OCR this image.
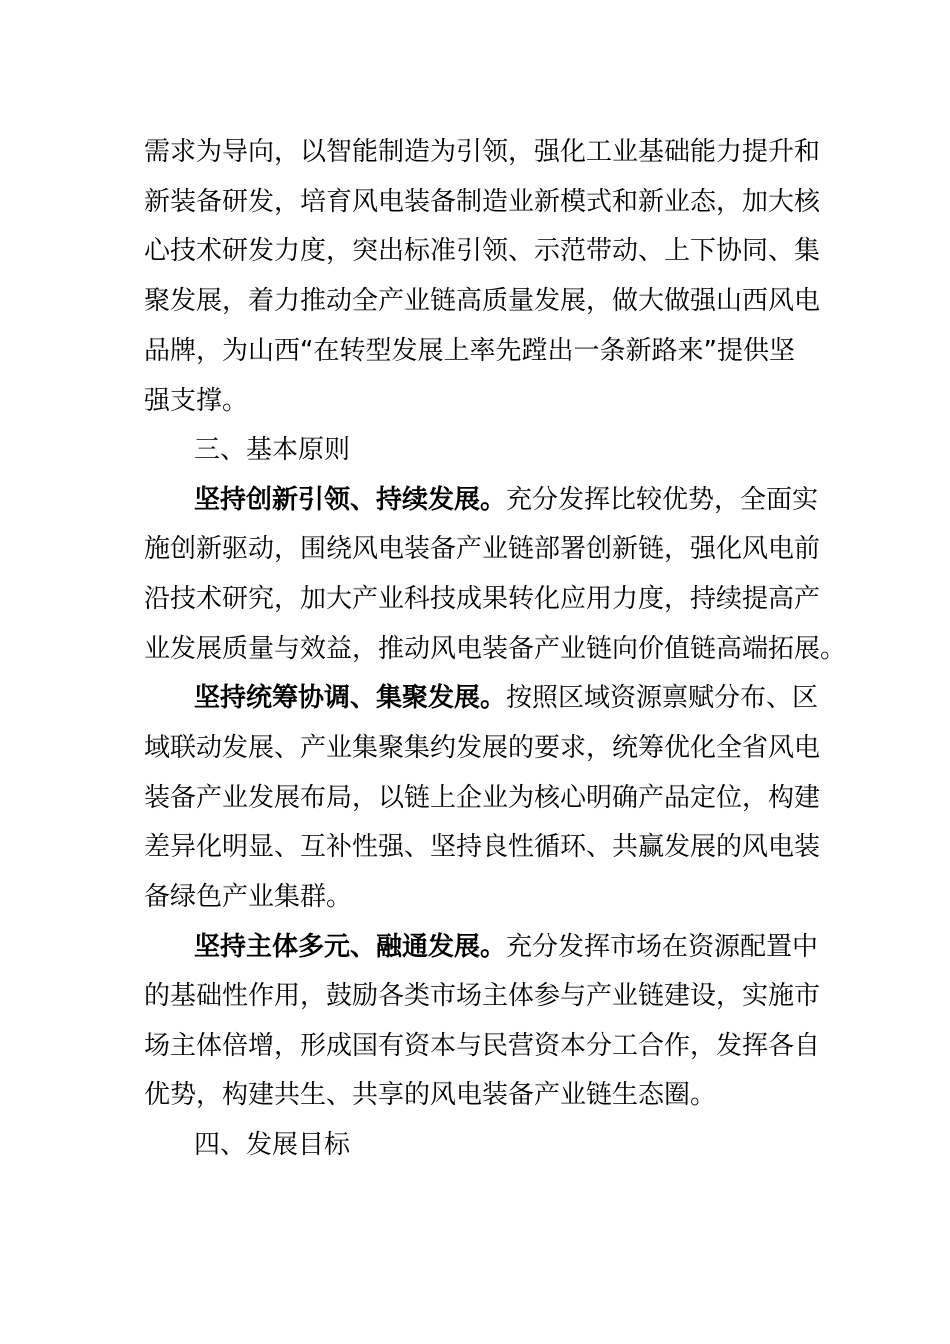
需求为导向，以智能制造为引领，强化工业基础能力提升和
新装备研发，培育风电装备制造业新模式和新业态，加大核
心技术研发力度，突出标准引领、示范带动、上下协同、集
聚发展，着力推动全产业链高质量发展，做大做强山西风电
品牌，为山西“在转型发展上率先蹚出一条新路来”提供坚
强支撑。
三、基本原则
坚持创新引领、持续发展。充分发挥比较优势，全面实
施创新驱动，围绕风电装备产业链部署创新链，强化风电前
沿技术研究，加大产业科技成果转化应用力度，持续提高产
业发展质量与效益，推动风电装备产业链向价值链高端拓展。
坚持统筹协调、集聚发展。按照区域资源禀赋分布、区
域联动发展、产业集聚集约发展的要求，统筹优化全省风电
装备产业发展布局，以链上企业为核心明确产品定位，构建
差异化明显、互补性强、坚持良性循环、共赢发展的风电装
备绿色产业集群。
坚持主体多元、融通发展。充分发挥市场在资源配置中
的基础性作用，鼓励各类市场主体参与产业链建设，实施市
场主体倍增，形成国有资本与民营资本分工合作，发挥各自
优势，构建共生、共享的风电装备产业链生态圈。
四、发展目标
